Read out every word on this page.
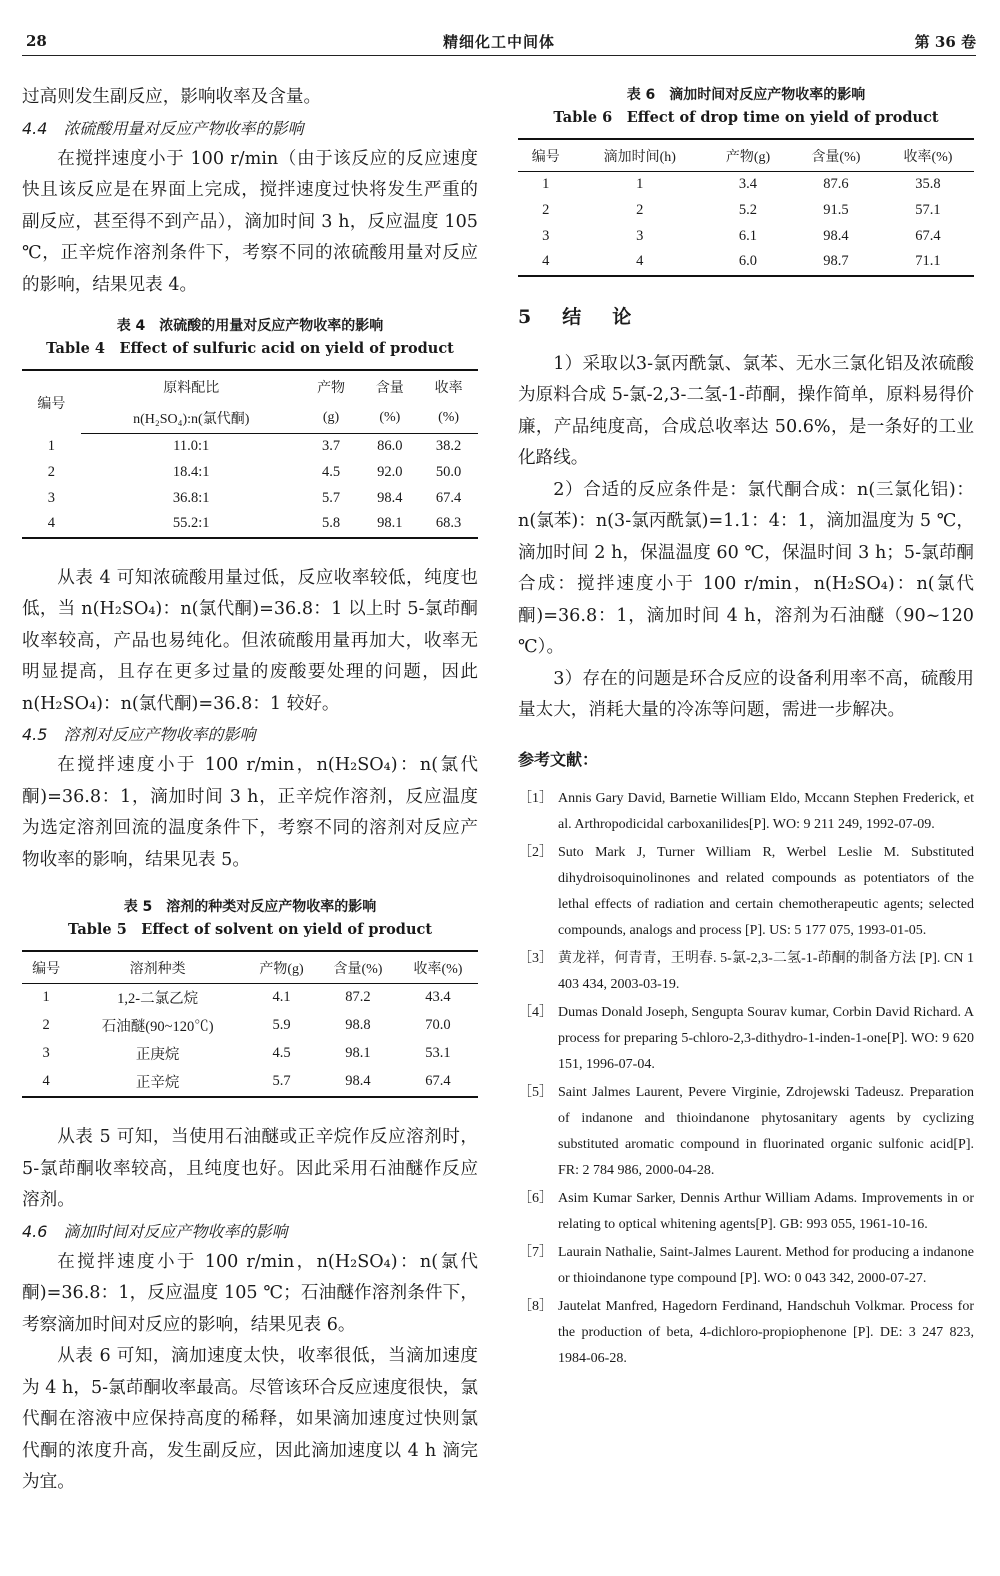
28	精细化工中间体	第 36 卷

过高则发生副反应，影响收率及含量。

4.4　浓硫酸用量对反应产物收率的影响

在搅拌速度小于 100 r/min（由于该反应的反应速度快且该反应是在界面上完成，搅拌速度过快将发生严重的副反应，甚至得不到产品），滴加时间 3 h，反应温度 105 ℃，正辛烷作溶剂条件下，考察不同的浓硫酸用量对反应的影响，结果见表 4。

表 4　浓硫酸的用量对反应产物收率的影响
Table 4　Effect of sulfuric acid on yield of product
编号	原料配比	产物	含量	收率
	n(H₂SO₄):n(氯代酮)	(g)	(%)	(%)
1	11.0:1	3.7	86.0	38.2
2	18.4:1	4.5	92.0	50.0
3	36.8:1	5.7	98.4	67.4
4	55.2:1	5.8	98.1	68.3

从表 4 可知浓硫酸用量过低，反应收率较低，纯度也低，当 n(H₂SO₄)：n(氯代酮)=36.8：1 以上时 5-氯茚酮收率较高，产品也易纯化。但浓硫酸用量再加大，收率无明显提高，且存在更多过量的废酸要处理的问题，因此 n(H₂SO₄)：n(氯代酮)=36.8：1 较好。

4.5　溶剂对反应产物收率的影响

在搅拌速度小于 100 r/min，n(H₂SO₄)：n(氯代酮)=36.8：1，滴加时间 3 h，正辛烷作溶剂，反应温度为选定溶剂回流的温度条件下，考察不同的溶剂对反应产物收率的影响，结果见表 5。

表 5　溶剂的种类对反应产物收率的影响
Table 5　Effect of solvent on yield of product
编号	溶剂种类	产物(g)	含量(%)	收率(%)
1	1,2-二氯乙烷	4.1	87.2	43.4
2	石油醚(90~120℃)	5.9	98.8	70.0
3	正庚烷	4.5	98.1	53.1
4	正辛烷	5.7	98.4	67.4

从表 5 可知，当使用石油醚或正辛烷作反应溶剂时，5-氯茚酮收率较高，且纯度也好。因此采用石油醚作反应溶剂。

4.6　滴加时间对反应产物收率的影响

在搅拌速度小于 100 r/min，n(H₂SO₄)：n(氯代酮)=36.8：1，反应温度 105 ℃；石油醚作溶剂条件下，考察滴加时间对反应的影响，结果见表 6。

从表 6 可知，滴加速度太快，收率很低，当滴加速度为 4 h，5-氯茚酮收率最高。尽管该环合反应速度很快，氯代酮在溶液中应保持高度的稀释，如果滴加速度过快则氯代酮的浓度升高，发生副反应，因此滴加速度以 4 h 滴完为宜。

表 6　滴加时间对反应产物收率的影响
Table 6　Effect of drop time on yield of product
编号	滴加时间(h)	产物(g)	含量(%)	收率(%)
1	1	3.4	87.6	35.8
2	2	5.2	91.5	57.1
3	3	6.1	98.4	67.4
4	4	6.0	98.7	71.1
5　结　论

1）采取以3-氯丙酰氯、氯苯、无水三氯化铝及浓硫酸为原料合成 5-氯-2,3-二氢-1-茚酮，操作简单，原料易得价廉，产品纯度高，合成总收率达 50.6%，是一条好的工业化路线。

2）合适的反应条件是：氯代酮合成：n(三氯化铝)：n(氯苯)：n(3-氯丙酰氯)=1.1：4：1，滴加温度为 5 ℃，滴加时间 2 h，保温温度 60 ℃，保温时间 3 h；5-氯茚酮合成：搅拌速度小于 100 r/min，n(H₂SO₄)：n(氯代酮)=36.8：1，滴加时间 4 h，溶剂为石油醚（90~120 ℃）。

3）存在的问题是环合反应的设备利用率不高，硫酸用量太大，消耗大量的冷冻等问题，需进一步解决。

参考文献：
［1］ Annis Gary David, Barnetie William Eldo, Mccann Stephen Frederick, et al. Arthropodicidal carboxanilides[P]. WO: 9 211 249, 1992-07-09.
［2］ Suto Mark J, Turner William R, Werbel Leslie M. Substituted dihydroisoquinolinones and related compounds as potentiators of the lethal effects of radiation and certain chemotherapeutic agents; selected compounds, analogs and process [P]. US: 5 177 075, 1993-01-05.
［3］ 黄龙祥，何青青，王明春. 5-氯-2,3-二氢-1-茚酮的制备方法 [P]. CN 1 403 434, 2003-03-19.
［4］ Dumas Donald Joseph, Sengupta Sourav kumar, Corbin David Richard. A process for preparing 5-chloro-2,3-dithydro-1-inden-1-one[P]. WO: 9 620 151, 1996-07-04.
［5］ Saint Jalmes Laurent, Pevere Virginie, Zdrojewski Tadeusz. Preparation of indanone and thioindanone phytosanitary agents by cyclizing substituted aromatic compound in fluorinated organic sulfonic acid[P]. FR: 2 784 986, 2000-04-28.
［6］ Asim Kumar Sarker, Dennis Arthur William Adams. Improvements in or relating to optical whitening agents[P]. GB: 993 055, 1961-10-16.
［7］ Laurain Nathalie, Saint-Jalmes Laurent. Method for producing a indanone or thioindanone type compound [P]. WO: 0 043 342, 2000-07-27.
［8］ Jautelat Manfred, Hagedorn Ferdinand, Handschuh Volkmar. Process for the production of beta, 4-dichloro-propiophenone [P]. DE: 3 247 823, 1984-06-28.
